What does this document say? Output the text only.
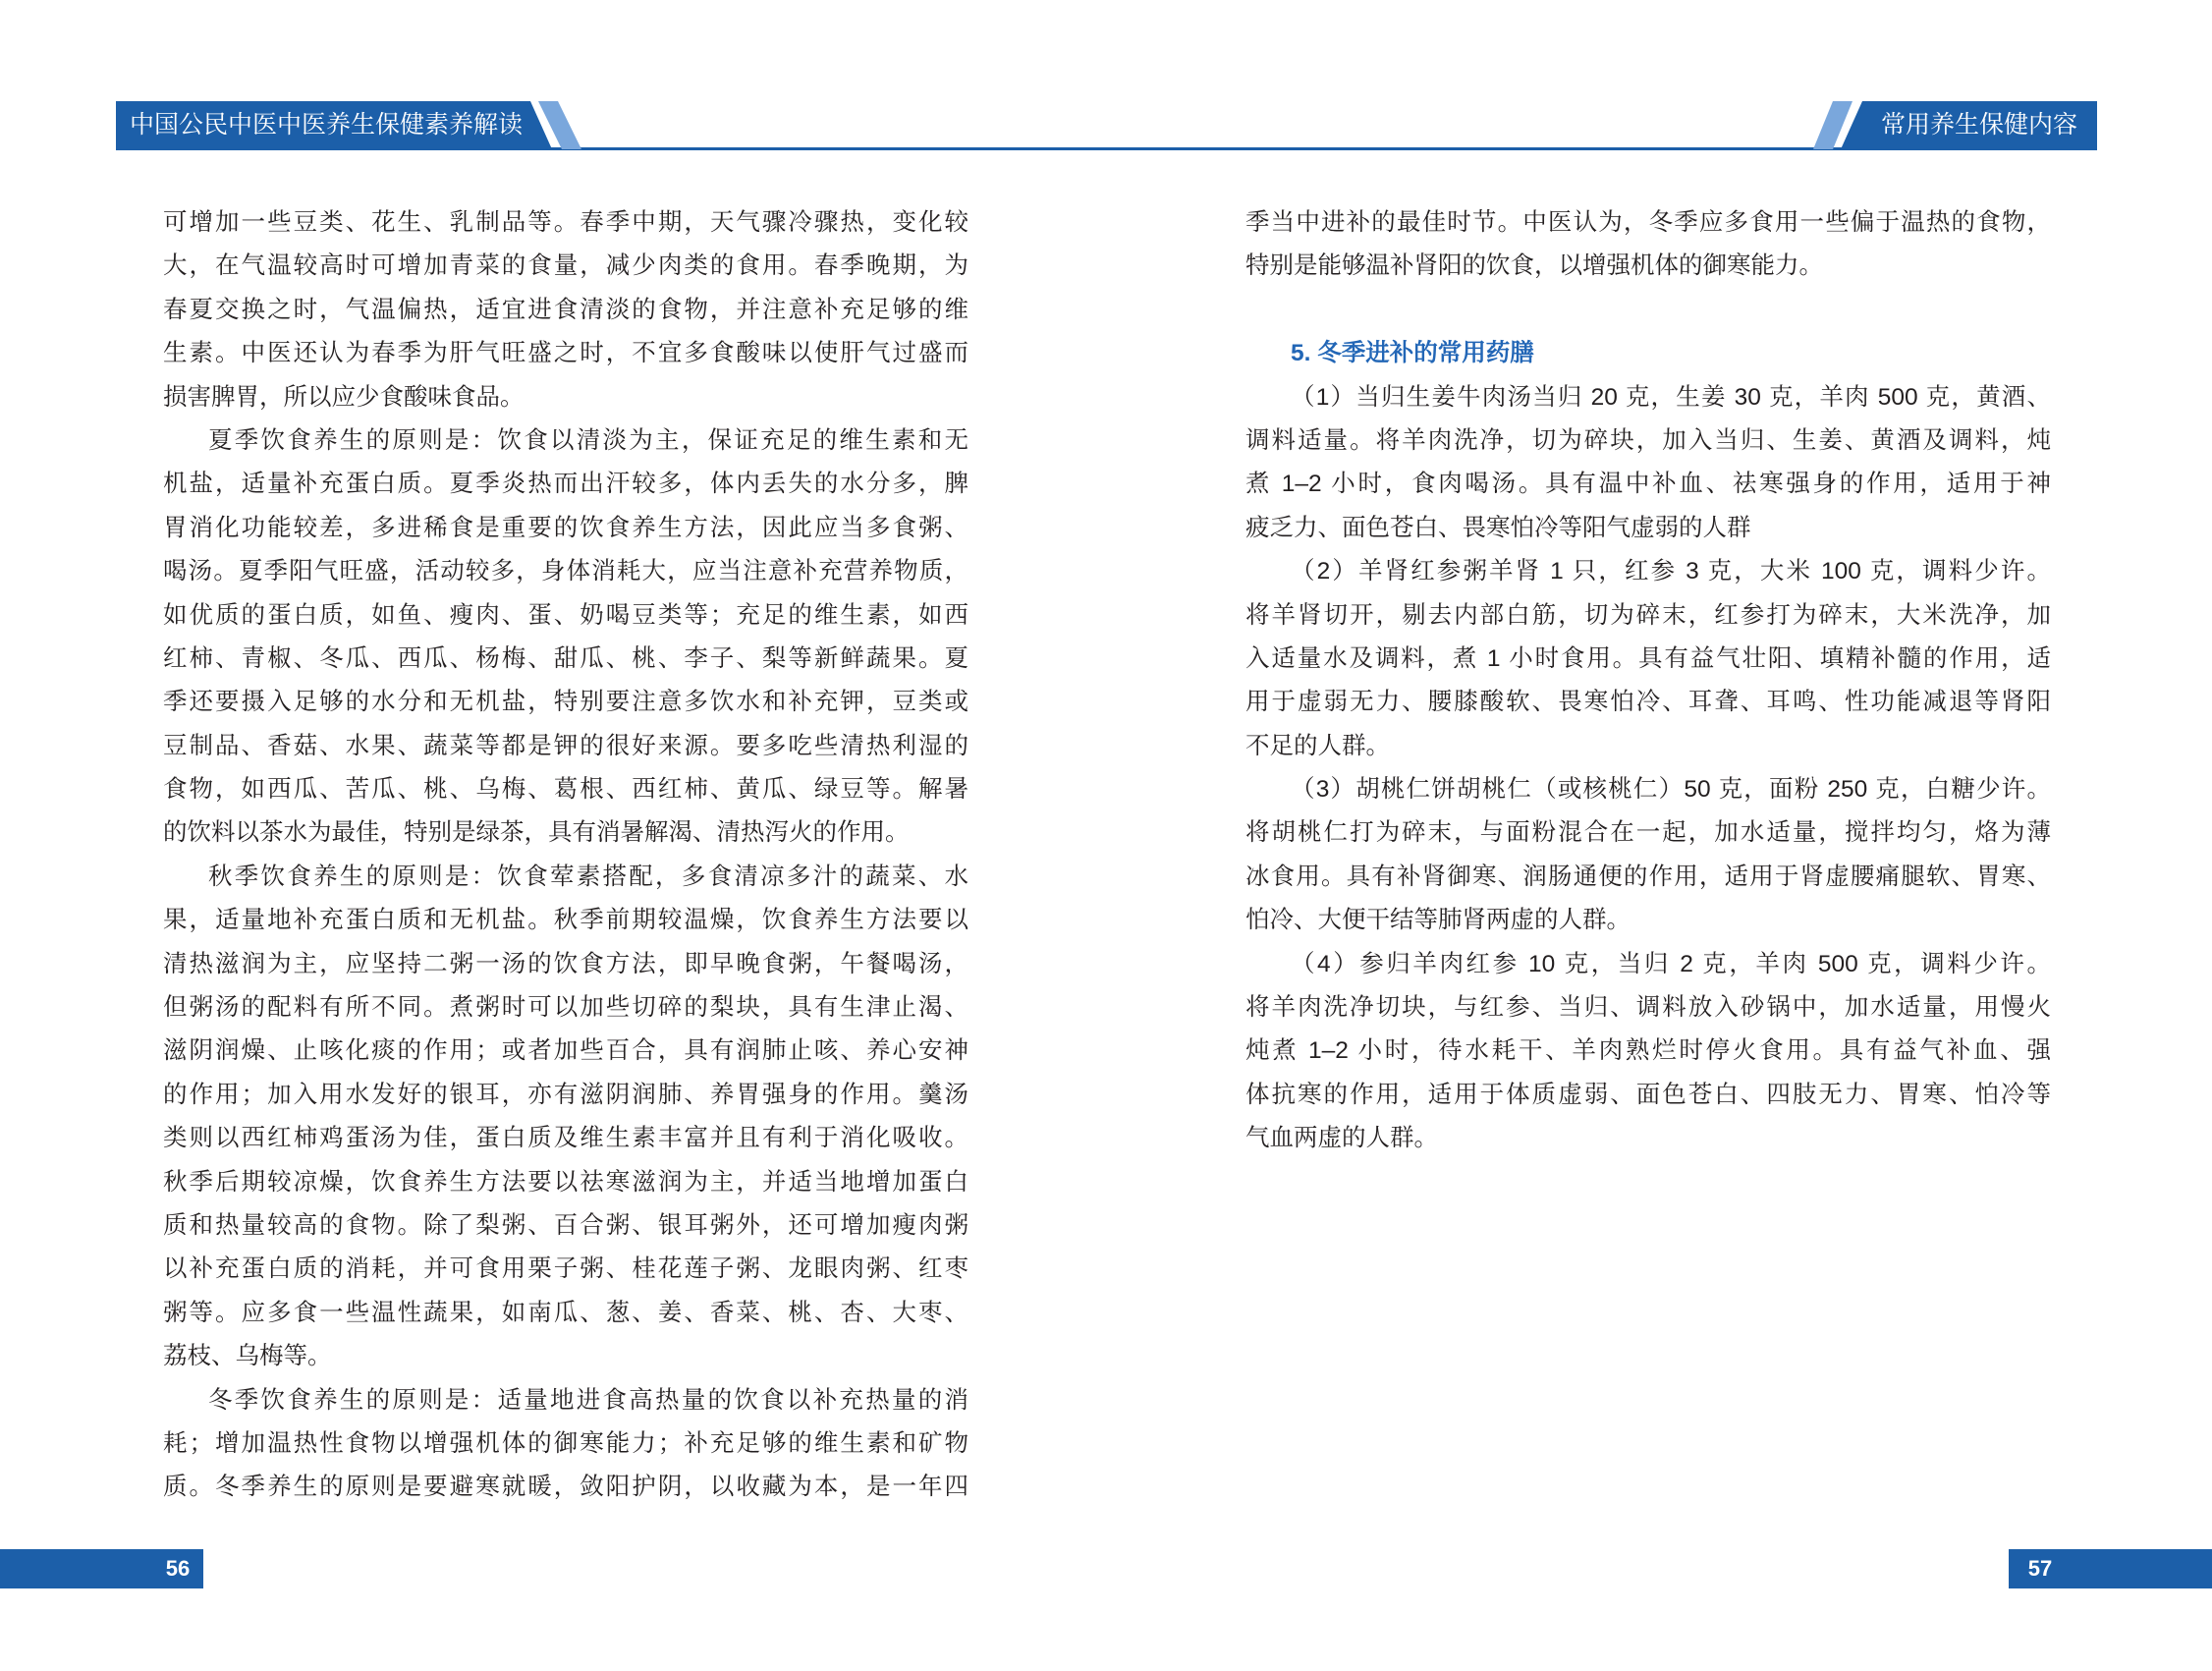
中国公民中医中医养生保健素养解读	常用养生保健内容
可增加一些豆类、花生、乳制品等。春季中期，天气骤冷骤热，变化较
大，在气温较高时可增加青菜的食量，减少肉类的食用。春季晚期，为
春夏交换之时，气温偏热，适宜进食清淡的食物，并注意补充足够的维
生素。中医还认为春季为肝气旺盛之时，不宜多食酸味以使肝气过盛而
损害脾胃，所以应少食酸味食品。
夏季饮食养生的原则是：饮食以清淡为主，保证充足的维生素和无
机盐，适量补充蛋白质。夏季炎热而出汗较多，体内丢失的水分多，脾
胃消化功能较差，多进稀食是重要的饮食养生方法，因此应当多食粥、
喝汤。夏季阳气旺盛，活动较多，身体消耗大，应当注意补充营养物质，
如优质的蛋白质，如鱼、瘦肉、蛋、奶喝豆类等；充足的维生素，如西
红柿、青椒、冬瓜、西瓜、杨梅、甜瓜、桃、李子、梨等新鲜蔬果。夏
季还要摄入足够的水分和无机盐，特别要注意多饮水和补充钾，豆类或
豆制品、香菇、水果、蔬菜等都是钾的很好来源。要多吃些清热利湿的
食物，如西瓜、苦瓜、桃、乌梅、葛根、西红柿、黄瓜、绿豆等。解暑
的饮料以茶水为最佳，特别是绿茶，具有消暑解渴、清热泻火的作用。
秋季饮食养生的原则是：饮食荤素搭配，多食清凉多汁的蔬菜、水
果，适量地补充蛋白质和无机盐。秋季前期较温燥，饮食养生方法要以
清热滋润为主，应坚持二粥一汤的饮食方法，即早晚食粥，午餐喝汤，
但粥汤的配料有所不同。煮粥时可以加些切碎的梨块，具有生津止渴、
滋阴润燥、止咳化痰的作用；或者加些百合，具有润肺止咳、养心安神
的作用；加入用水发好的银耳，亦有滋阴润肺、养胃强身的作用。羹汤
类则以西红柿鸡蛋汤为佳，蛋白质及维生素丰富并且有利于消化吸收。
秋季后期较凉燥，饮食养生方法要以祛寒滋润为主，并适当地增加蛋白
质和热量较高的食物。除了梨粥、百合粥、银耳粥外，还可增加瘦肉粥
以补充蛋白质的消耗，并可食用栗子粥、桂花莲子粥、龙眼肉粥、红枣
粥等。应多食一些温性蔬果，如南瓜、葱、姜、香菜、桃、杏、大枣、
荔枝、乌梅等。
冬季饮食养生的原则是：适量地进食高热量的饮食以补充热量的消
耗；增加温热性食物以增强机体的御寒能力；补充足够的维生素和矿物
质。冬季养生的原则是要避寒就暖，敛阳护阴，以收藏为本，是一年四
季当中进补的最佳时节。中医认为，冬季应多食用一些偏于温热的食物，
特别是能够温补肾阳的饮食，以增强机体的御寒能力。
5. 冬季进补的常用药膳
（1）当归生姜牛肉汤当归 20 克，生姜 30 克，羊肉 500 克，黄酒、
调料适量。将羊肉洗净，切为碎块，加入当归、生姜、黄酒及调料，炖
煮 1–2 小时，食肉喝汤。具有温中补血、祛寒强身的作用，适用于神
疲乏力、面色苍白、畏寒怕冷等阳气虚弱的人群
（2）羊肾红参粥羊肾 1 只，红参 3 克，大米 100 克，调料少许。
将羊肾切开，剔去内部白筋，切为碎末，红参打为碎末，大米洗净，加
入适量水及调料，煮 1 小时食用。具有益气壮阳、填精补髓的作用，适
用于虚弱无力、腰膝酸软、畏寒怕冷、耳聋、耳鸣、性功能减退等肾阳
不足的人群。
（3）胡桃仁饼胡桃仁（或核桃仁）50 克，面粉 250 克，白糖少许。
将胡桃仁打为碎末，与面粉混合在一起，加水适量，搅拌均匀，烙为薄
冰食用。具有补肾御寒、润肠通便的作用，适用于肾虚腰痛腿软、胃寒、
怕冷、大便干结等肺肾两虚的人群。
（4）参归羊肉红参 10 克，当归 2 克，羊肉 500 克，调料少许。
将羊肉洗净切块，与红参、当归、调料放入砂锅中，加水适量，用慢火
炖煮 1–2 小时，待水耗干、羊肉熟烂时停火食用。具有益气补血、强
体抗寒的作用，适用于体质虚弱、面色苍白、四肢无力、胃寒、怕冷等
气血两虚的人群。
56	57
